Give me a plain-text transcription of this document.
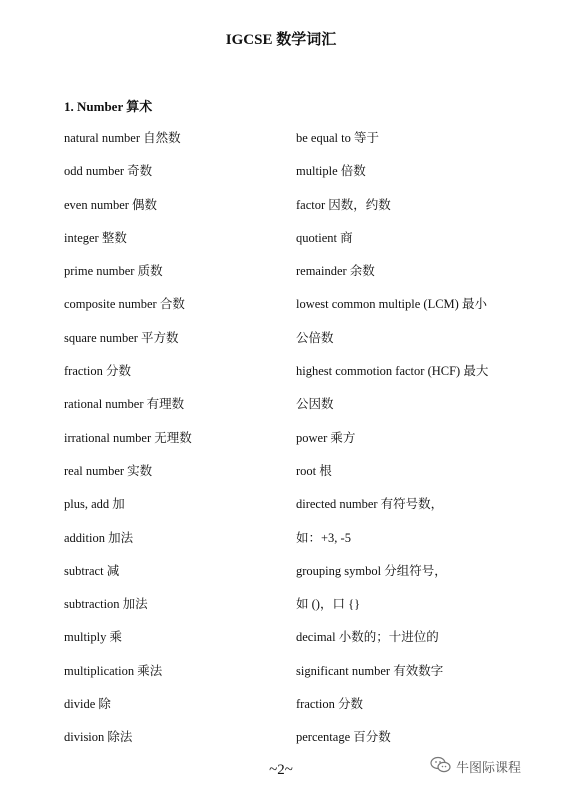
IGCSE 数学词汇
1. Number 算术
natural number 自然数
odd number 奇数
even number 偶数
integer 整数
prime number 质数
composite number 合数
square number 平方数
fraction 分数
rational number 有理数
irrational number 无理数
real number 实数
plus, add 加
addition 加法
subtract 减
subtraction 加法
multiply 乘
multiplication 乘法
divide 除
division 除法
be equal to 等于
multiple 倍数
factor 因数，约数
quotient 商
remainder 余数
lowest common multiple (LCM) 最小
公倍数
highest commotion factor (HCF) 最大
公因数
power 乘方
root 根
directed number 有符号数，
如：+3, -5
grouping symbol 分组符号，
如 ()，口 {}
decimal 小数的；十进位的
significant number 有效数字
fraction 分数
percentage 百分数
~2~	牛图际课程
